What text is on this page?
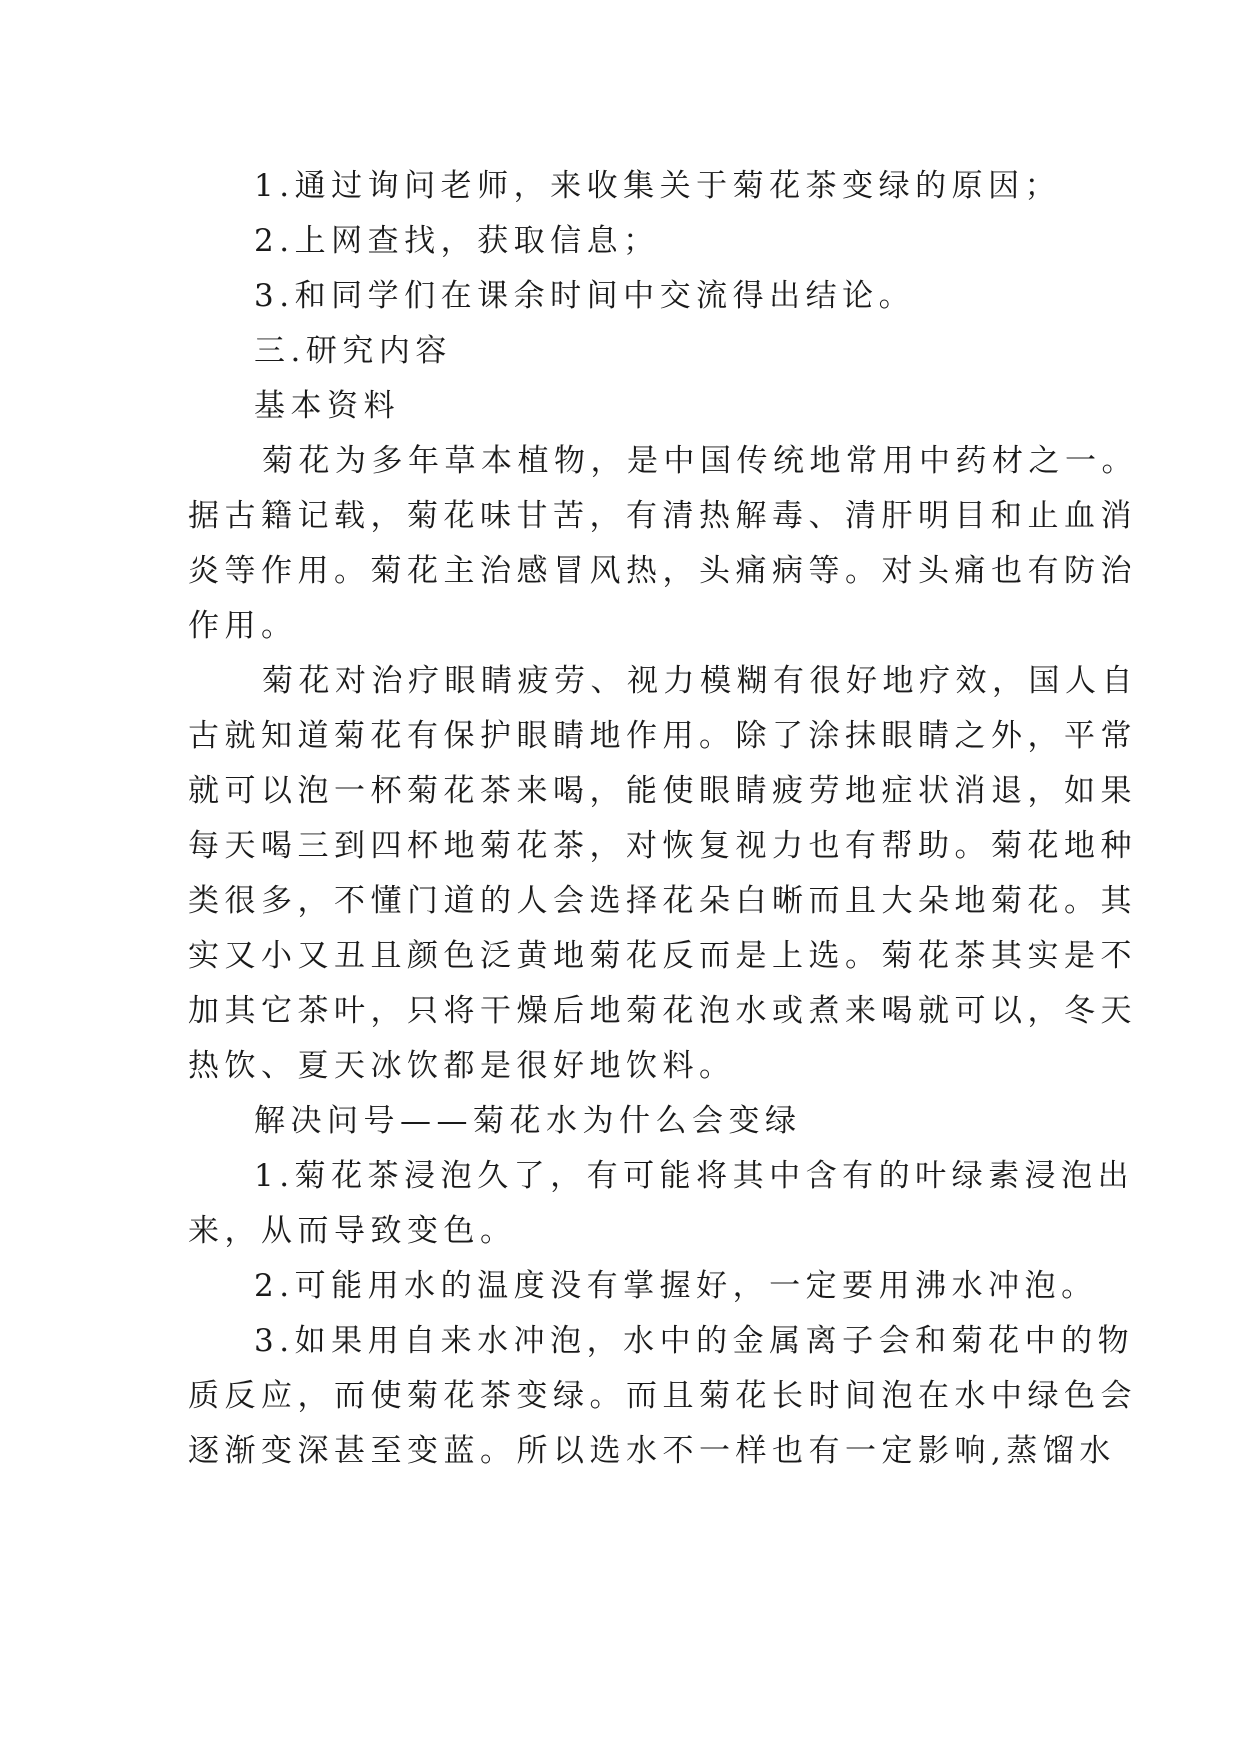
1.通过询问老师，来收集关于菊花茶变绿的原因；
2.上网查找，获取信息；
3.和同学们在课余时间中交流得出结论。
三.研究内容
基本资料
菊花为多年草本植物，是中国传统地常用中药材之一。
据古籍记载，菊花味甘苦，有清热解毒、清肝明目和止血消
炎等作用。菊花主治感冒风热，头痛病等。对头痛也有防治
作用。
菊花对治疗眼睛疲劳、视力模糊有很好地疗效，国人自
古就知道菊花有保护眼睛地作用。除了涂抹眼睛之外，平常
就可以泡一杯菊花茶来喝，能使眼睛疲劳地症状消退，如果
每天喝三到四杯地菊花茶，对恢复视力也有帮助。菊花地种
类很多，不懂门道的人会选择花朵白晰而且大朵地菊花。其
实又小又丑且颜色泛黄地菊花反而是上选。菊花茶其实是不
加其它茶叶，只将干燥后地菊花泡水或煮来喝就可以，冬天
热饮、夏天冰饮都是很好地饮料。
解决问号——菊花水为什么会变绿
1.菊花茶浸泡久了，有可能将其中含有的叶绿素浸泡出
来，从而导致变色。
2.可能用水的温度没有掌握好，一定要用沸水冲泡。
3.如果用自来水冲泡，水中的金属离子会和菊花中的物
质反应，而使菊花茶变绿。而且菊花长时间泡在水中绿色会
逐渐变深甚至变蓝。所以选水不一样也有一定影响,蒸馏水
